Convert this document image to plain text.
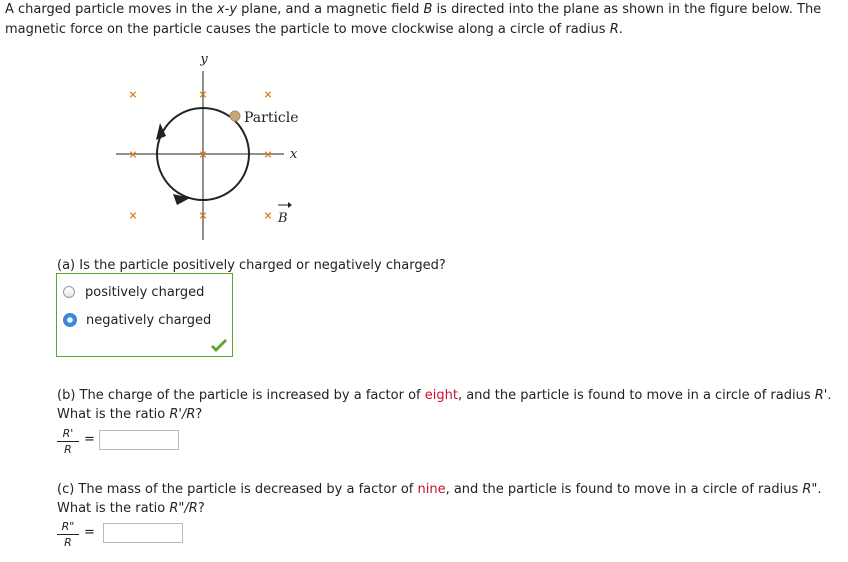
A charged particle moves in the x-y plane, and a magnetic field B is directed into the plane as shown in the figure below. The magnetic force on the particle causes the particle to move clockwise along a circle of radius R.
×	×	×
×	×	×
×	×	×
y
x
Particle
B
(a) Is the particle positively charged or negatively charged?
positively charged
negatively charged
(b) The charge of the particle is increased by a factor of eight, and the particle is found to move in a circle of radius R'.
What is the ratio R'/R?
$\frac{R'}{R}$ =
(c) The mass of the particle is decreased by a factor of nine, and the particle is found to move in a circle of radius R".
What is the ratio R"/R?
$\frac{R"}{R}$ =
